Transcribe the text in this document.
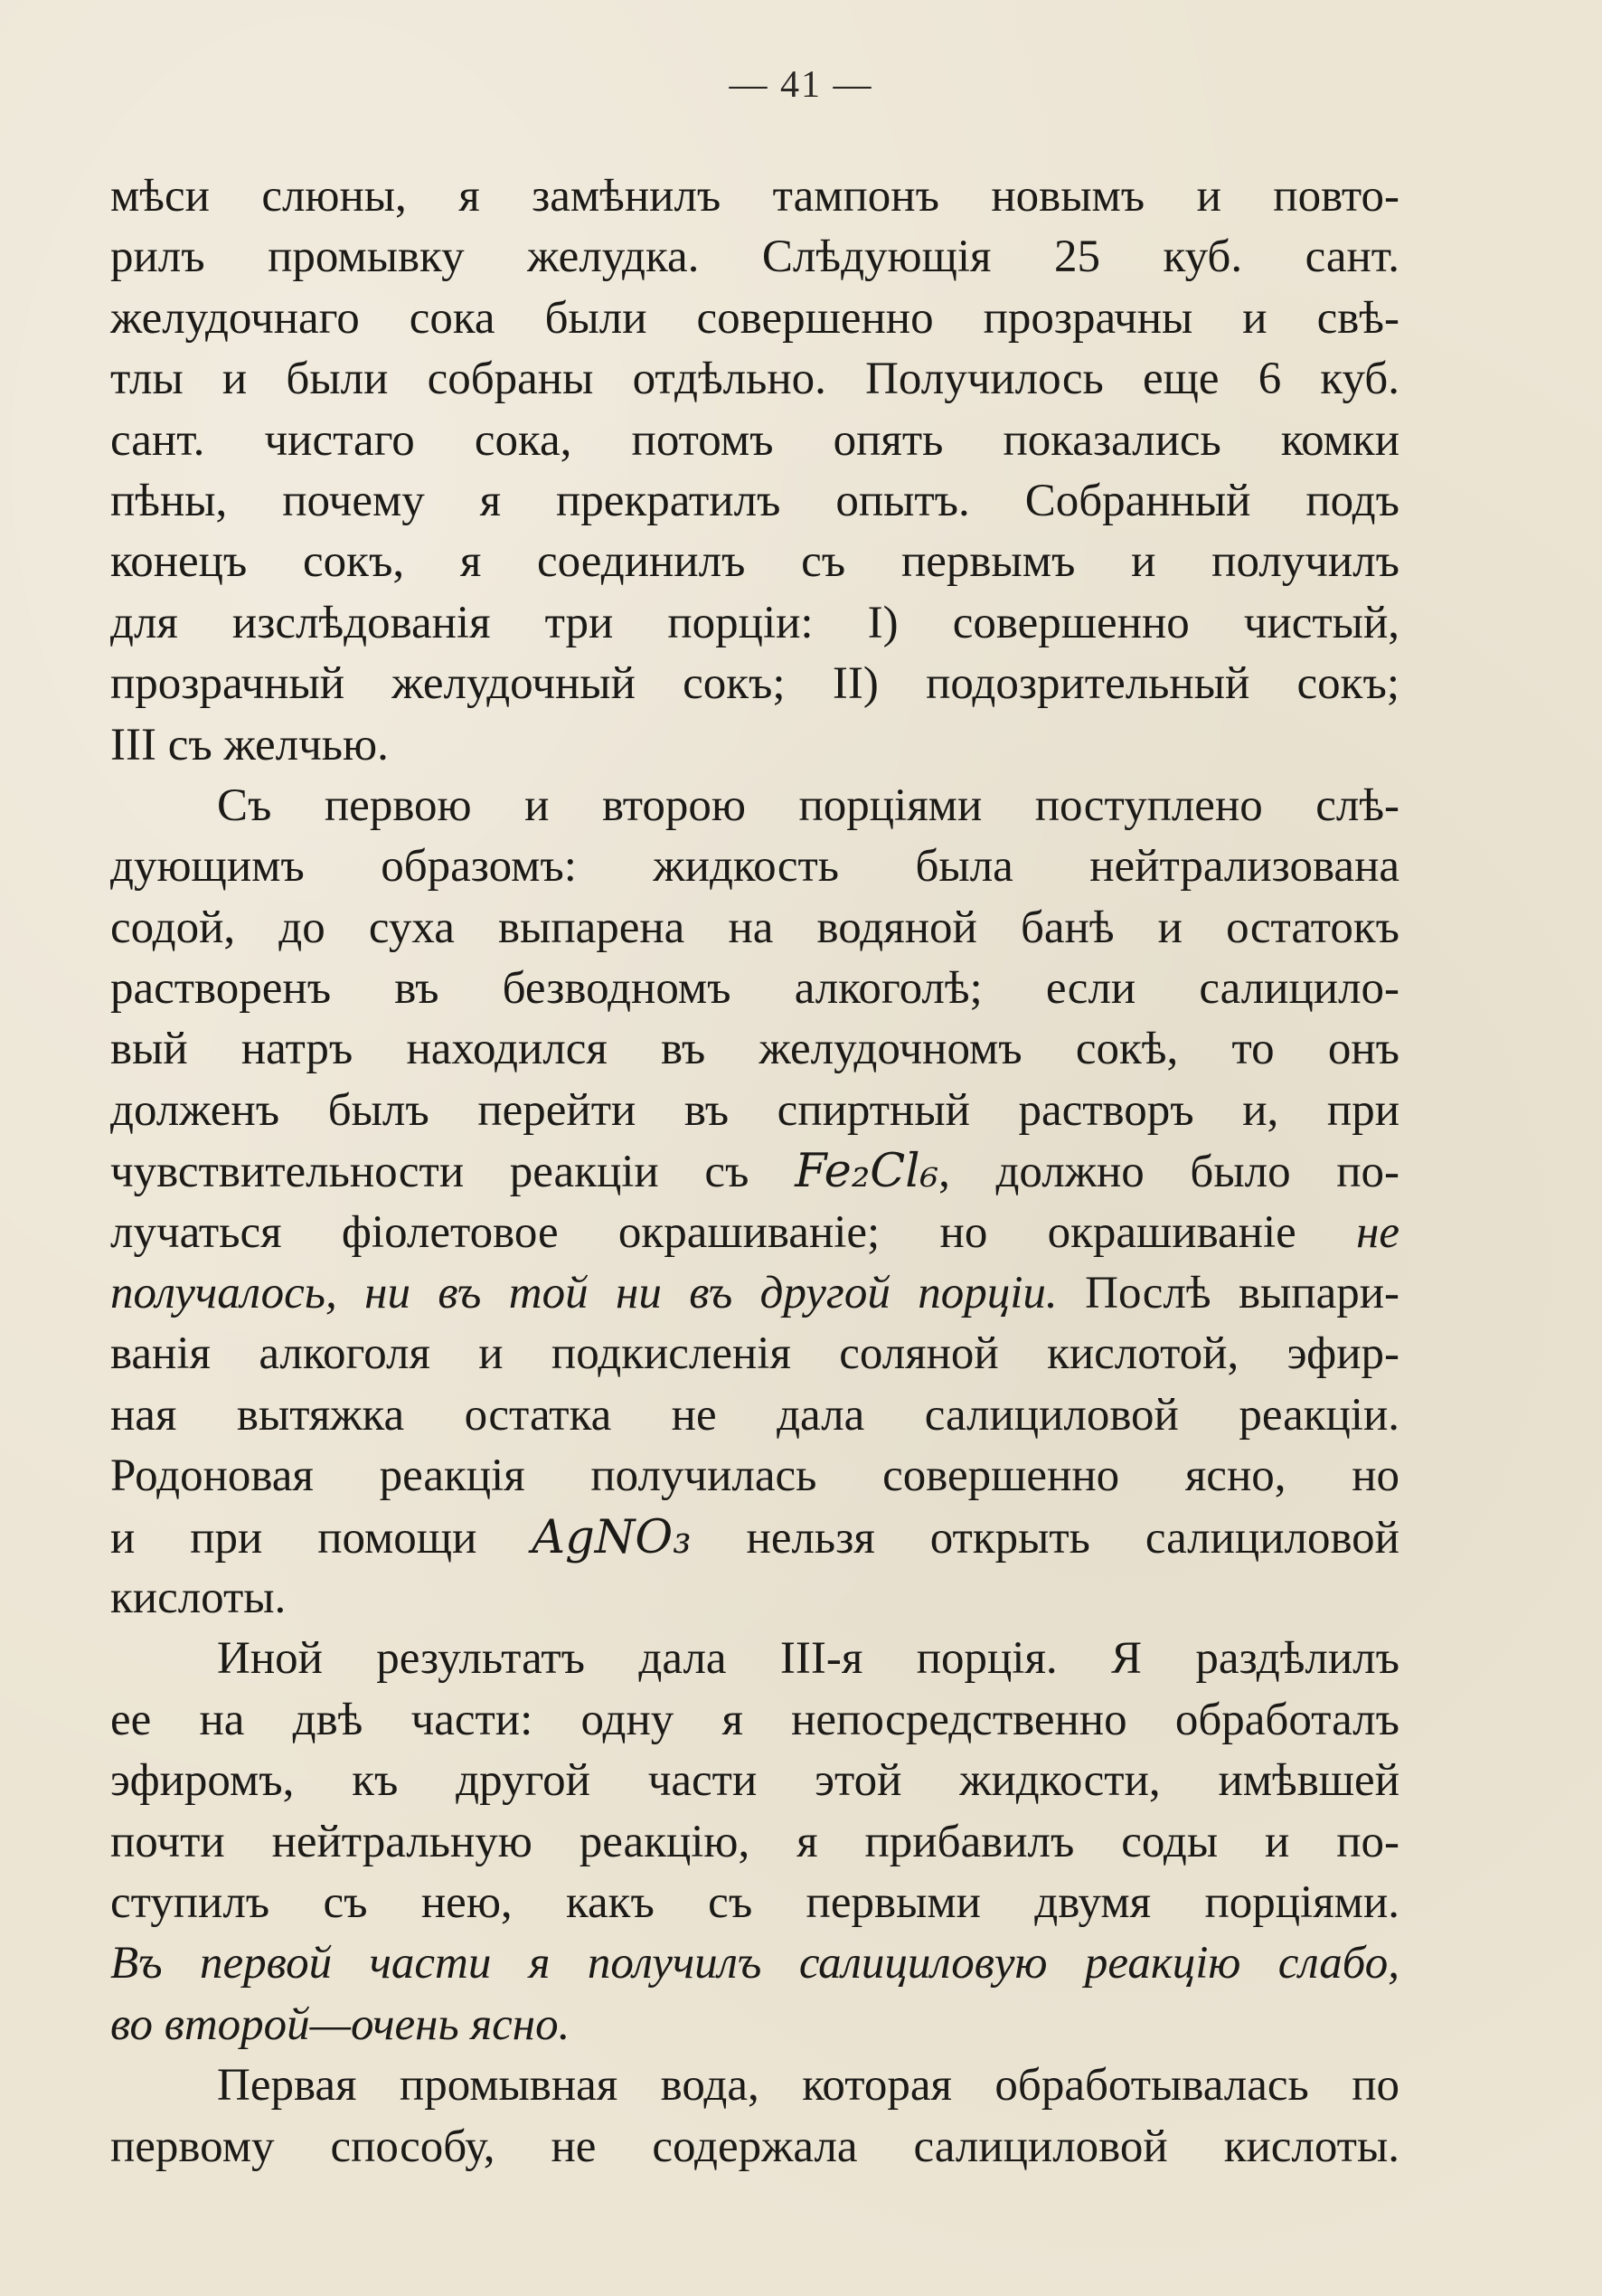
— 41 —
мѣси слюны, я замѣнилъ тампонъ новымъ и повто-
рилъ промывку желудка. Слѣдующія 25 куб. сант.
желудочнаго сока были совершенно прозрачны и свѣ-
тлы и были собраны отдѣльно. Получилось еще 6 куб.
сант. чистаго сока, потомъ опять показались комки
пѣны, почему я прекратилъ опытъ. Собранный подъ
конецъ сокъ, я соединилъ съ первымъ и получилъ
для изслѣдованія три порціи: I) совершенно чистый,
прозрачный желудочный сокъ; II) подозрительный сокъ;
III съ желчью.
Съ первою и второю порціями поступлено слѣ-
дующимъ образомъ: жидкость была нейтрализована
содой, до суха выпарена на водяной банѣ и остатокъ
растворенъ въ безводномъ алкоголѣ; если салицило-
вый натръ находился въ желудочномъ сокѣ, то онъ
долженъ былъ перейти въ спиртный растворъ и, при
чувствительности реакціи съ Fe₂Cl₆, должно было по-
лучаться фіолетовое окрашиваніе; но окрашиваніе не
получалось, ни въ той ни въ другой порціи. Послѣ выпари-
ванія алкоголя и подкисленія соляной кислотой, эфир-
ная вытяжка остатка не дала салициловой реакціи.
Родоновая реакція получилась совершенно ясно, но
и при помощи AgNO₃ нельзя открыть салициловой
кислоты.
Иной результатъ дала III-я порція. Я раздѣлилъ
ее на двѣ части: одну я непосредственно обработалъ
эфиромъ, къ другой части этой жидкости, имѣвшей
почти нейтральную реакцію, я прибавилъ соды и по-
ступилъ съ нею, какъ съ первыми двумя порціями.
Въ первой части я получилъ салициловую реакцію слабо,
во второй—очень ясно.
Первая промывная вода, которая обработывалась по
первому способу, не содержала салициловой кислоты.
